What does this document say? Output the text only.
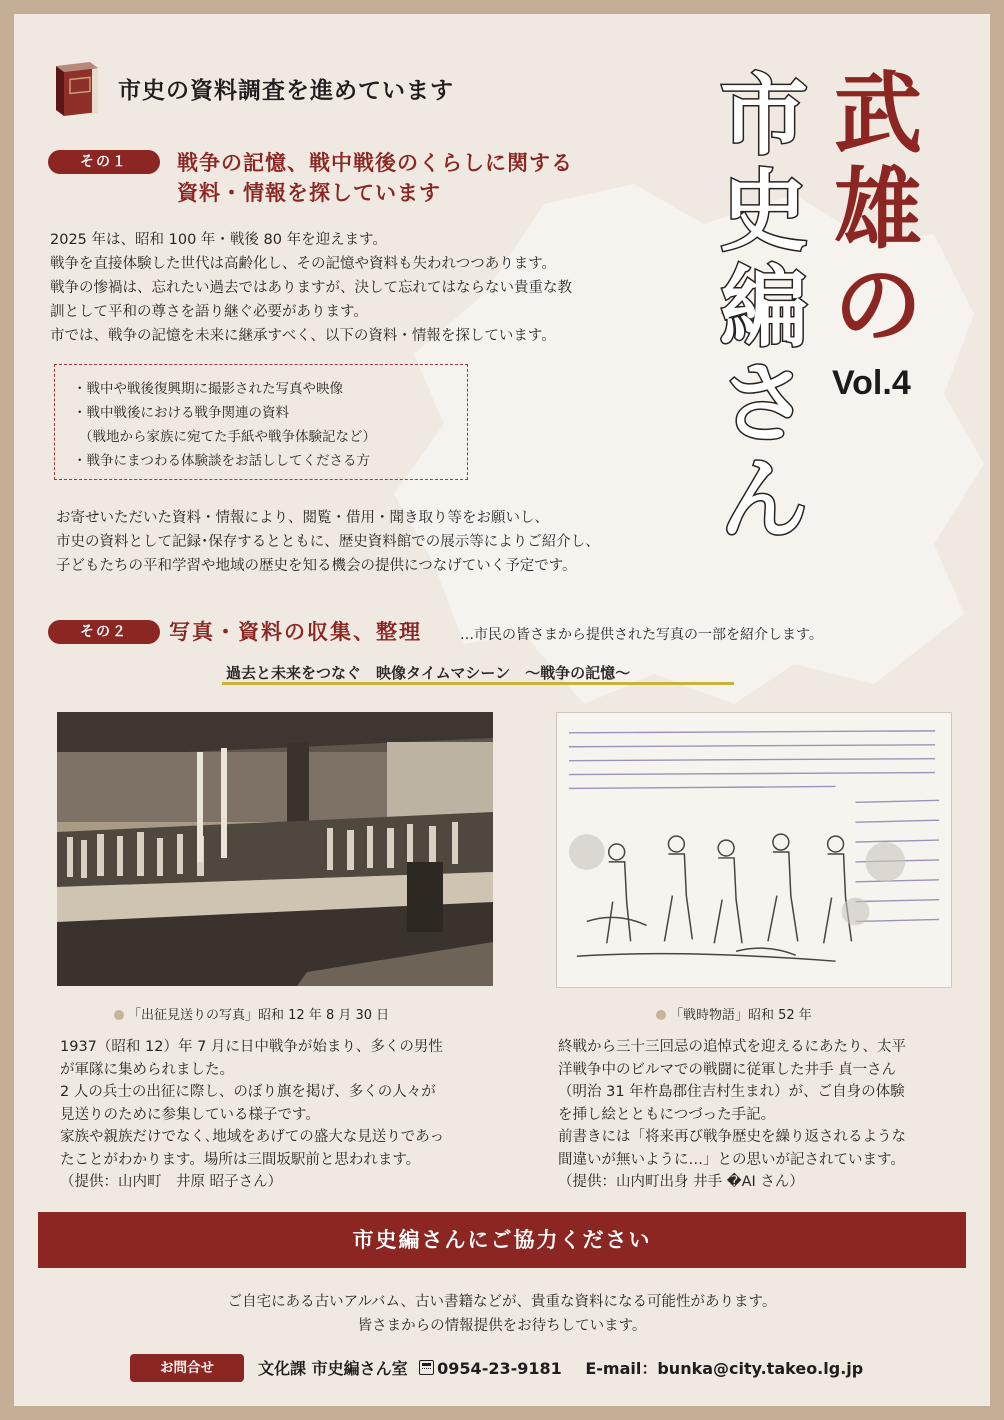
市史の資料調査を進めています	武
雄
の
市
史
編
さ
ん
Vol.4
その１	戦争の記憶、戦中戦後のくらしに関する
資料・情報を探しています
2025 年は、昭和 100 年・戦後 80 年を迎えます。
戦争を直接体験した世代は高齢化し、その記憶や資料も失われつつあります。
戦争の惨禍は、忘れたい過去ではありますが、決して忘れてはならない貴重な教
訓として平和の尊さを語り継ぐ必要があります。
市では、戦争の記憶を未来に継承すべく、以下の資料・情報を探しています。
・戦中や戦後復興期に撮影された写真や映像
・戦中戦後における戦争関連の資料
（戦地から家族に宛てた手紙や戦争体験記など）
・戦争にまつわる体験談をお話ししてくださる方
お寄せいただいた資料・情報により、閲覧・借用・聞き取り等をお願いし、
市史の資料として記録･保存するとともに、歴史資料館での展示等によりご紹介し、
子どもたちの平和学習や地域の歴史を知る機会の提供につなげていく予定です。
その２	写真・資料の収集、整理	…市民の皆さまから提供された写真の一部を紹介します。
過去と未来をつなぐ　映像タイムマシーン　～戦争の記憶～
「出征見送りの写真」昭和 12 年 8 月 30 日	「戦時物語」昭和 52 年
1937（昭和 12）年 7 月に日中戦争が始まり、多くの男性
が軍隊に集められました。
2 人の兵士の出征に際し、のぼり旗を掲げ、多くの人々が
見送りのために参集している様子です。
家族や親族だけでなく､地域をあげての盛大な見送りであっ
たことがわかります。場所は三間坂駅前と思われます。
（提供：山内町　井原 昭子さん）
終戦から三十三回忌の追悼式を迎えるにあたり、太平
洋戦争中のビルマでの戦闘に従軍した井手 貞一さん
（明治 31 年杵島郡住吉村生まれ）が、ご自身の体験
を挿し絵とともにつづった手記。
前書きには「将来再び戦争歴史を繰り返されるような
間違いが無いように…」との思いが記されています。
（提供：山内町出身 井手 �AI さん）
市史編さんにご協力ください
ご自宅にある古いアルバム、古い書籍などが、貴重な資料になる可能性があります。
皆さまからの情報提供をお待ちしています。
お問合せ	文化課 市史編さん室 0954-23-9181 E-mail：bunka@city.takeo.lg.jp
